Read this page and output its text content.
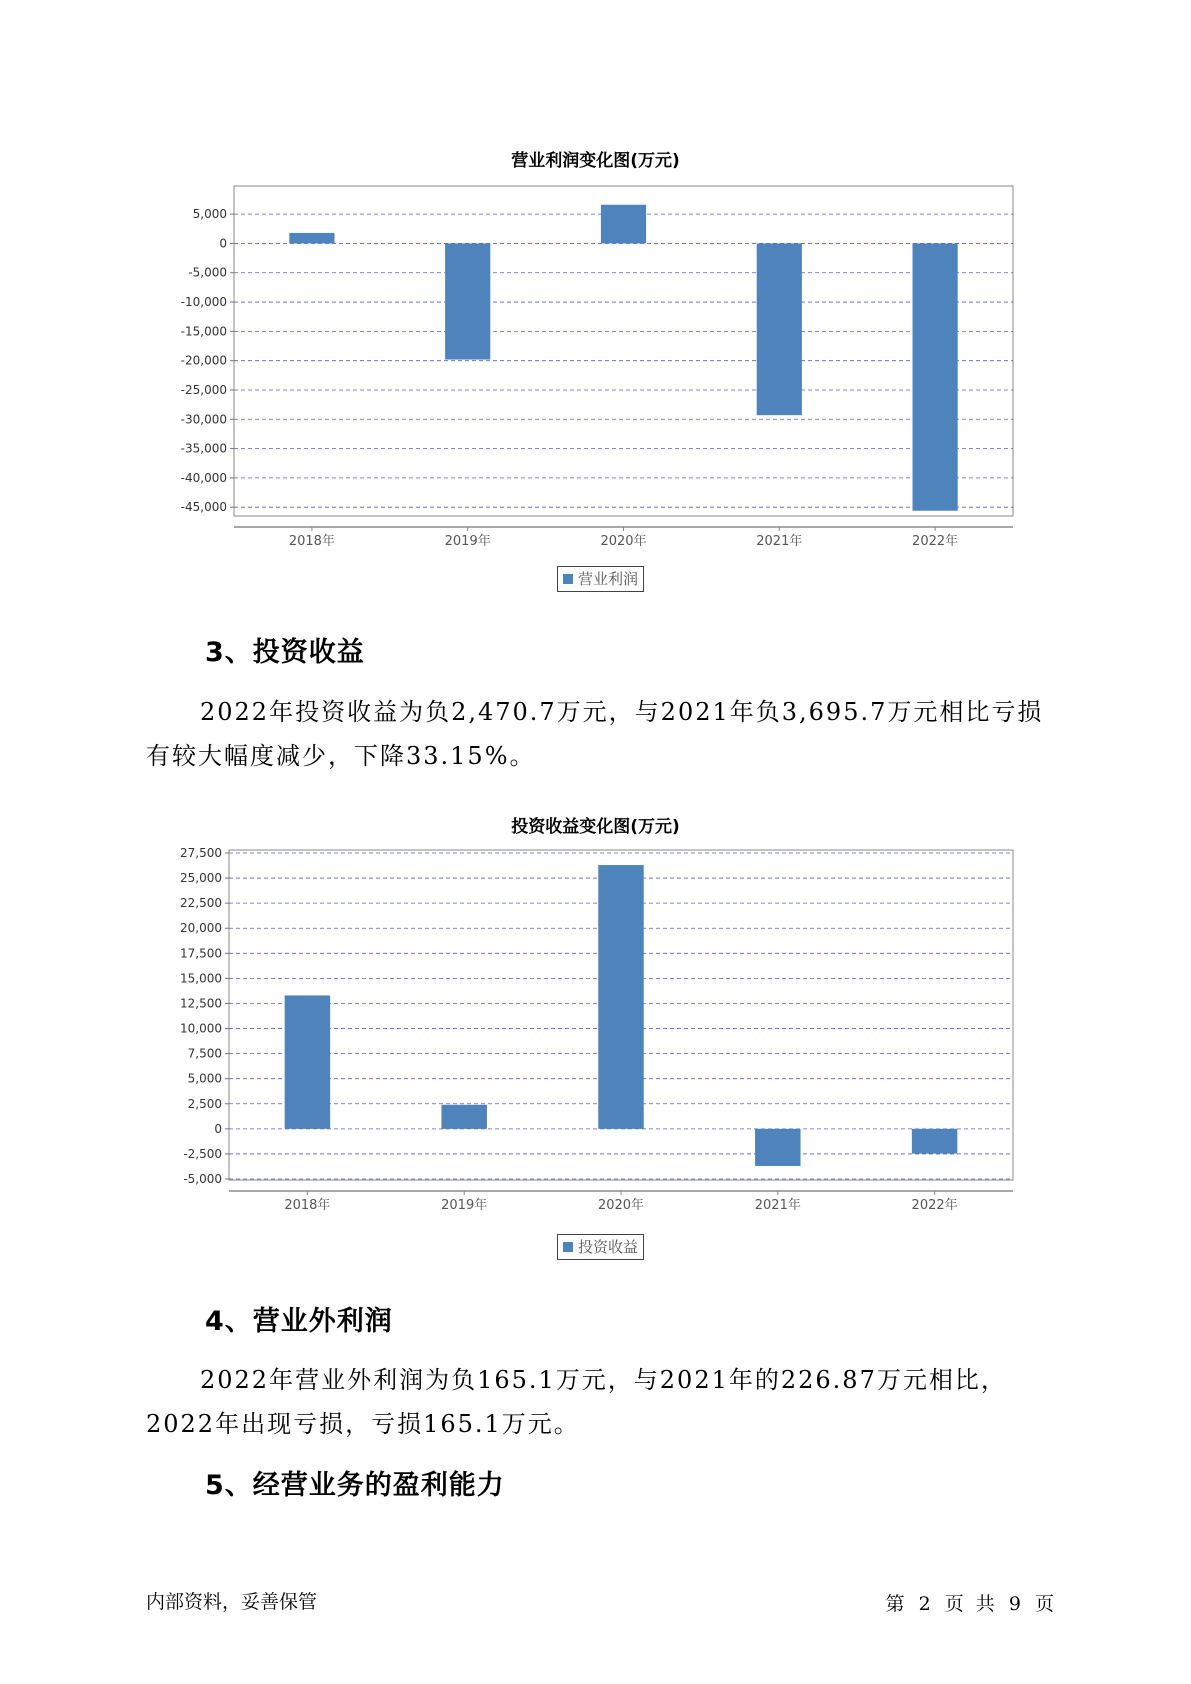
营业利润变化图(万元)
5,000
0
-5,000
-10,000
-15,000
-20,000
-25,000
-30,000
-35,000
-40,000
-45,000
2018年	2019年	2020年	2021年	2022年
营业利润
3、投资收益

2022年投资收益为负2,470.7万元，与2021年负3,695.7万元相比亏损有较大幅度减少，下降33.15%。

投资收益变化图(万元)
27,500
25,000
22,500
20,000
17,500
15,000
12,500
10,000
7,500
5,000
2,500
0
-2,500
-5,000
2018年	2019年	2020年	2021年	2022年
投资收益
4、营业外利润

2022年营业外利润为负165.1万元，与2021年的226.87万元相比，2022年出现亏损，亏损165.1万元。

5、经营业务的盈利能力
内部资料，妥善保管	第 2 页  共 9 页
